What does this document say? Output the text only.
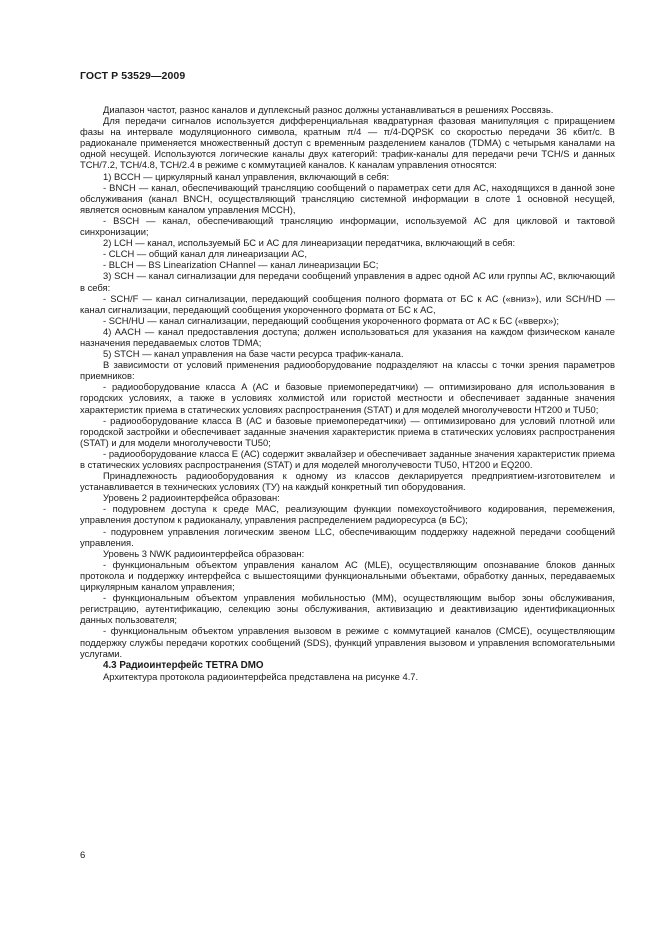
ГОСТ Р 53529—2009

Диапазон частот, разнос каналов и дуплексный разнос должны устанавливаться в решениях Россвязь.

Для передачи сигналов используется дифференциальная квадратурная фазовая манипуляция с приращением фазы на интервале модуляционного символа, кратным π/4 — π/4-DQPSK со скоростью передачи 36 кбит/с. В радиоканале применяется множественный доступ с временным разделением каналов (TDMA) с четырьмя каналами на одной несущей. Используются логические каналы двух категорий: трафик-каналы для передачи речи TCH/S и данных TCH/7.2, TCH/4.8, TCH/2.4 в режиме с коммутацией каналов. К каналам управления относятся:

1) BCCH — циркулярный канал управления, включающий в себя:

- BNCH — канал, обеспечивающий трансляцию сообщений о параметрах сети для АС, находящихся в данной зоне обслуживания (канал BNCH, осуществляющий трансляцию системной информации в слоте 1 основной несущей, является основным каналом управления MCCH),

- BSCH — канал, обеспечивающий трансляцию информации, используемой АС для цикловой и тактовой синхронизации;

2) LCH — канал, используемый БС и АС для линеаризации передатчика, включающий в себя:

- CLCH — общий канал для линеаризации АС,

- BLCH — BS Linearization CHannel — канал линеаризации БС;

3) SCH — канал сигнализации для передачи сообщений управления в адрес одной АС или группы АС, включающий в себя:

- SCH/F — канал сигнализации, передающий сообщения полного формата от БС к АС («вниз»), или SCH/HD — канал сигнализации, передающий сообщения укороченного формата от БС к АС,

- SCH/HU — канал сигнализации, передающий сообщения укороченного формата от АС к БС («вверх»);

4) AACH — канал предоставления доступа; должен использоваться для указания на каждом физическом канале назначения передаваемых слотов TDMA;

5) STCH — канал управления на базе части ресурса трафик-канала.

В зависимости от условий применения радиооборудование подразделяют на классы с точки зрения параметров приемников:

- радиооборудование класса A (АС и базовые приемопередатчики) — оптимизировано для использования в городских условиях, а также в условиях холмистой или гористой местности и обеспечивает заданные значения характеристик приема в статических условиях распространения (STAT) и для моделей многолучевости HT200 и TU50;

- радиооборудование класса B (АС и базовые приемопередатчики) — оптимизировано для условий плотной или городской застройки и обеспечивает заданные значения характеристик приема в статических условиях распространения (STAT) и для модели многолучевости TU50;

- радиооборудование класса E (АС) содержит эквалайзер и обеспечивает заданные значения характеристик приема в статических условиях распространения (STAT) и для моделей многолучевости TU50, HT200 и EQ200.

Принадлежность радиооборудования к одному из классов декларируется предприятием-изготовителем и устанавливается в технических условиях (ТУ) на каждый конкретный тип оборудования.

Уровень 2 радиоинтерфейса образован:

- подуровнем доступа к среде MAC, реализующим функции помехоустойчивого кодирования, перемежения, управления доступом к радиоканалу, управления распределением радиоресурса (в БС);

- подуровнем управления логическим звеном LLC, обеспечивающим поддержку надежной передачи сообщений управления.

Уровень 3 NWK радиоинтерфейса образован:

- функциональным объектом управления каналом АС (MLE), осуществляющим опознавание блоков данных протокола и поддержку интерфейса с вышестоящими функциональными объектами, обработку данных, передаваемых циркулярным каналом управления;

- функциональным объектом управления мобильностью (MM), осуществляющим выбор зоны обслуживания, регистрацию, аутентификацию, селекцию зоны обслуживания, активизацию и деактивизацию идентификационных данных пользователя;

- функциональным объектом управления вызовом в режиме с коммутацией каналов (CMCE), осуществляющим поддержку службы передачи коротких сообщений (SDS), функций управления вызовом и управления вспомогательными услугами.

4.3 Радиоинтерфейс TETRA DMO

Архитектура протокола радиоинтерфейса представлена на рисунке 4.7.

6
